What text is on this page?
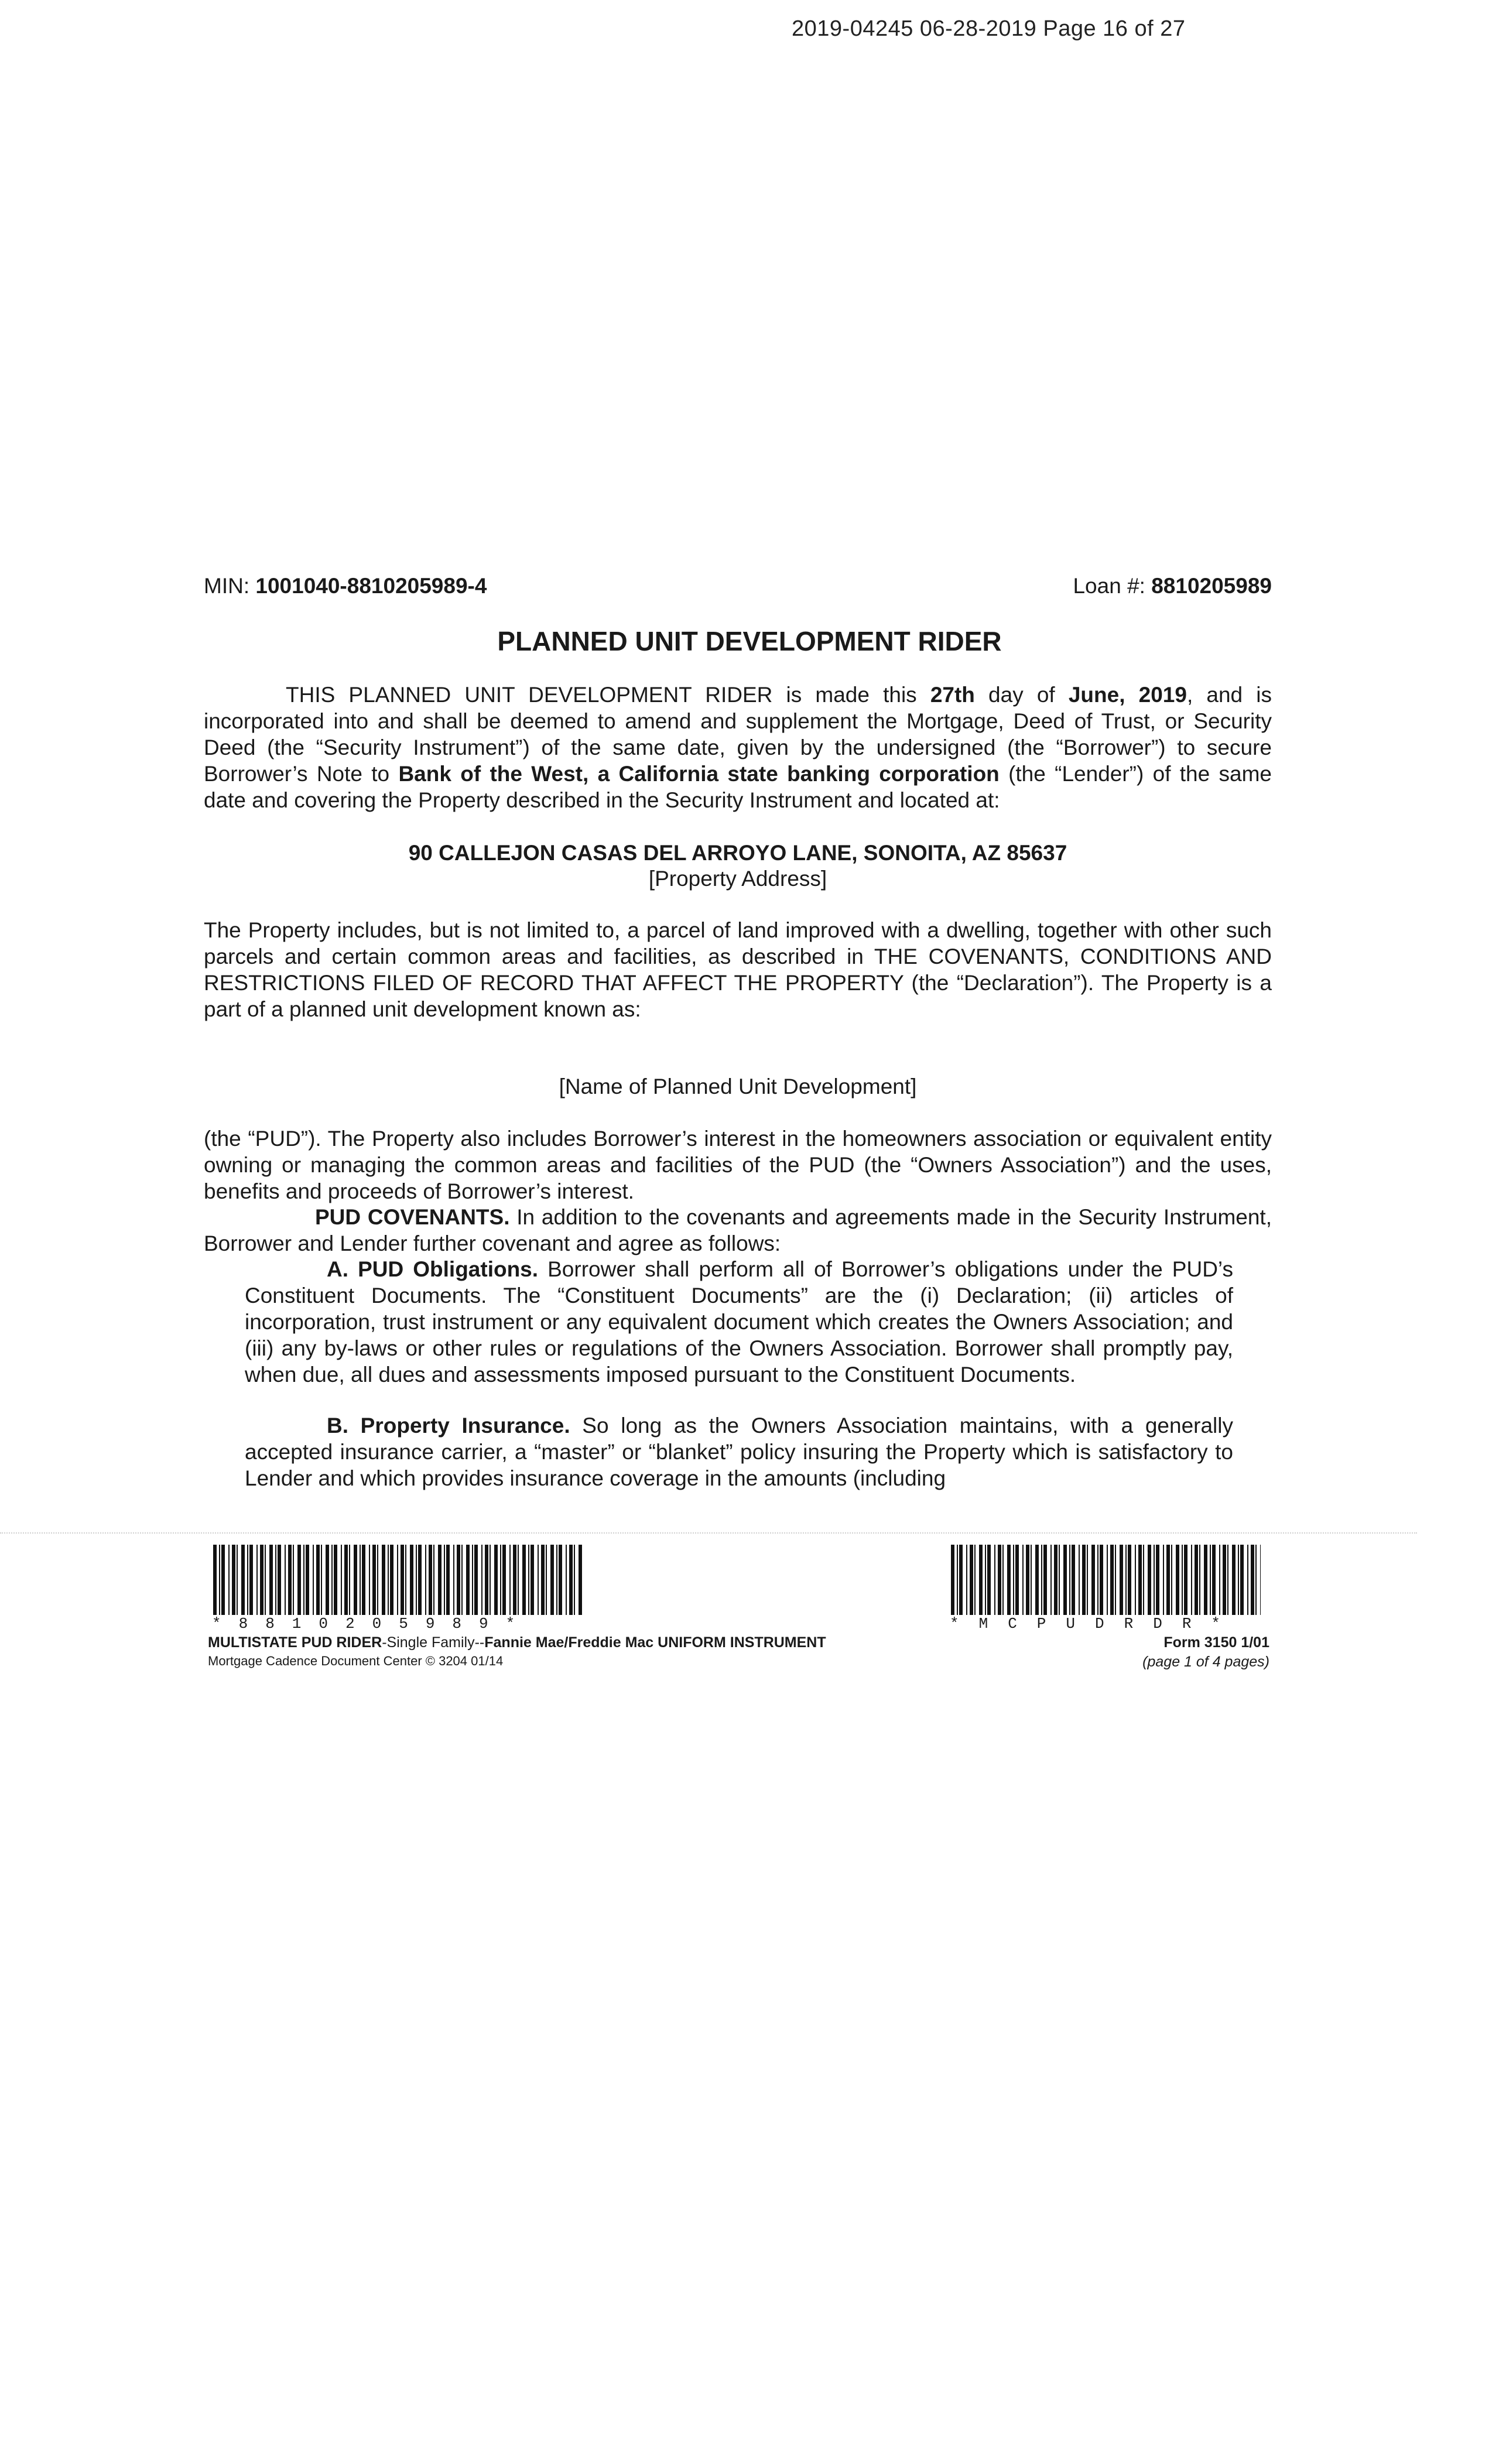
2019-04245 06-28-2019 Page 16 of 27
MIN: 1001040-8810205989-4	Loan #: 8810205989
PLANNED UNIT DEVELOPMENT RIDER

THIS PLANNED UNIT DEVELOPMENT RIDER is made this 27th day of June, 2019, and is incorporated into and shall be deemed to amend and supplement the Mortgage, Deed of Trust, or Security Deed (the “Security Instrument”) of the same date, given by the undersigned (the “Borrower”) to secure Borrower’s Note to Bank of the West, a California state banking corporation (the “Lender”) of the same date and covering the Property described in the Security Instrument and located at:

90 CALLEJON CASAS DEL ARROYO LANE, SONOITA, AZ 85637

[Property Address]

The Property includes, but is not limited to, a parcel of land improved with a dwelling, together with other such parcels and certain common areas and facilities, as described in THE COVENANTS, CONDITIONS AND RESTRICTIONS FILED OF RECORD THAT AFFECT THE PROPERTY (the “Declaration”). The Property is a part of a planned unit development known as:

[Name of Planned Unit Development]

(the “PUD”). The Property also includes Borrower’s interest in the homeowners association or equivalent entity owning or managing the common areas and facilities of the PUD (the “Owners Association”) and the uses, benefits and proceeds of Borrower’s interest.

PUD COVENANTS. In addition to the covenants and agreements made in the Security Instrument, Borrower and Lender further covenant and agree as follows:

A. PUD Obligations. Borrower shall perform all of Borrower’s obligations under the PUD’s Constituent Documents. The “Constituent Documents” are the (i) Declaration; (ii) articles of incorporation, trust instrument or any equivalent document which creates the Owners Association; and (iii) any by-laws or other rules or regulations of the Owners Association. Borrower shall promptly pay, when due, all dues and assessments imposed pursuant to the Constituent Documents.

B. Property Insurance. So long as the Owners Association maintains, with a generally accepted insurance carrier, a “master” or “blanket” policy insuring the Property which is satisfactory to Lender and which provides insurance coverage in the amounts (including

*8810205989*	*MCPUDRDR*
MULTISTATE PUD RIDER-Single Family--Fannie Mae/Freddie Mac UNIFORM INSTRUMENT
Mortgage Cadence Document Center © 3204 01/14
Form 3150 1/01
(page 1 of 4 pages)
